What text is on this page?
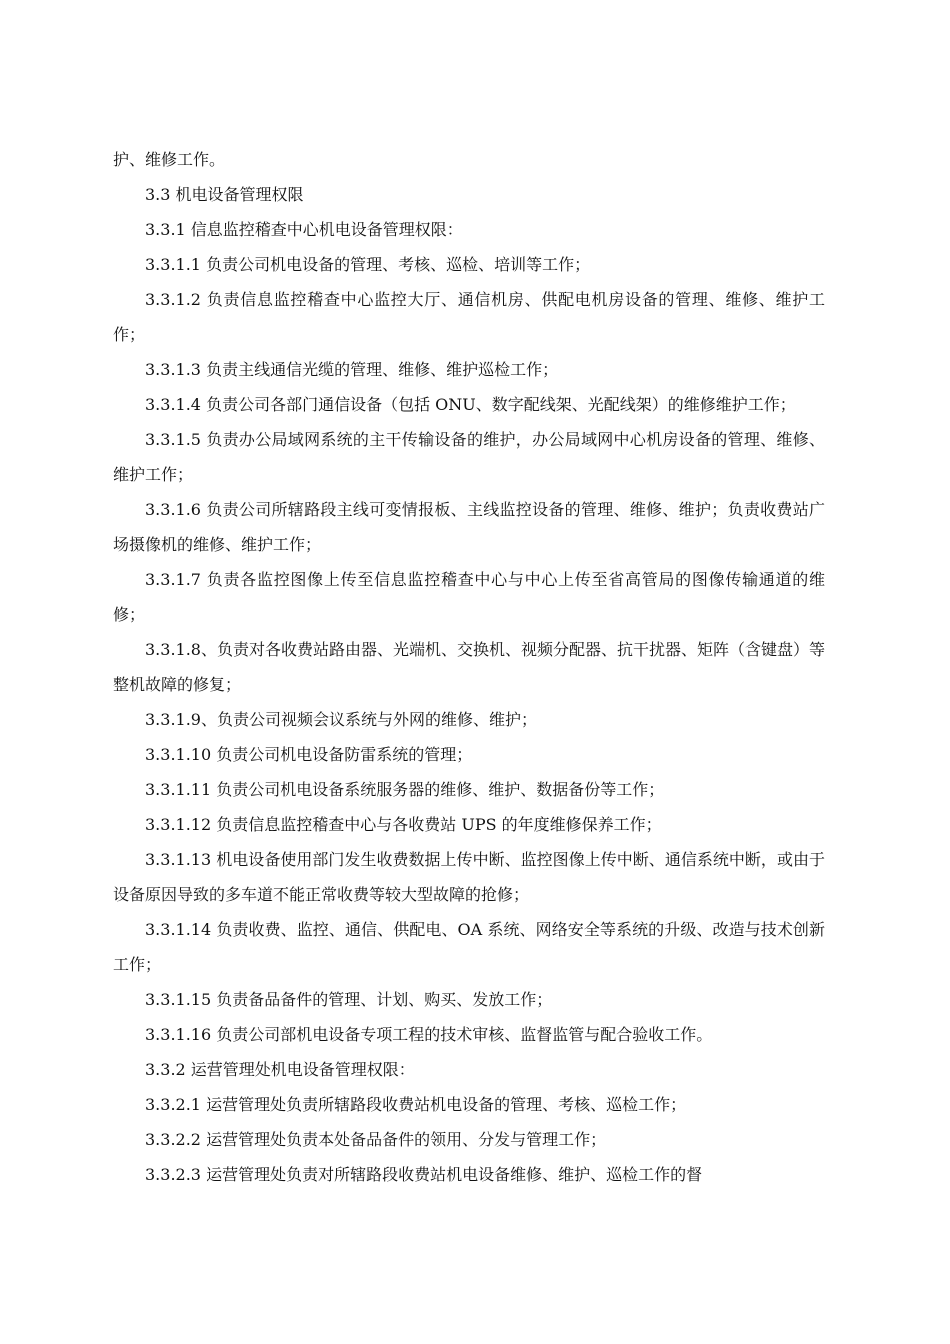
护、维修工作。

3.3 机电设备管理权限

3.3.1 信息监控稽查中心机电设备管理权限：

3.3.1.1 负责公司机电设备的管理、考核、巡检、培训等工作；

3.3.1.2 负责信息监控稽查中心监控大厅、通信机房、供配电机房设备的管理、维修、维护工作；

3.3.1.3 负责主线通信光缆的管理、维修、维护巡检工作；

3.3.1.4 负责公司各部门通信设备（包括 ONU、数字配线架、光配线架）的维修维护工作；

3.3.1.5 负责办公局域网系统的主干传输设备的维护，办公局域网中心机房设备的管理、维修、维护工作；

3.3.1.6 负责公司所辖路段主线可变情报板、主线监控设备的管理、维修、维护；负责收费站广场摄像机的维修、维护工作；

3.3.1.7 负责各监控图像上传至信息监控稽查中心与中心上传至省高管局的图像传输通道的维修；

3.3.1.8、负责对各收费站路由器、光端机、交换机、视频分配器、抗干扰器、矩阵（含键盘）等整机故障的修复；

3.3.1.9、负责公司视频会议系统与外网的维修、维护；

3.3.1.10 负责公司机电设备防雷系统的管理；

3.3.1.11 负责公司机电设备系统服务器的维修、维护、数据备份等工作；

3.3.1.12 负责信息监控稽查中心与各收费站 UPS 的年度维修保养工作；

3.3.1.13 机电设备使用部门发生收费数据上传中断、监控图像上传中断、通信系统中断，或由于设备原因导致的多车道不能正常收费等较大型故障的抢修；

3.3.1.14 负责收费、监控、通信、供配电、OA 系统、网络安全等系统的升级、改造与技术创新工作；

3.3.1.15 负责备品备件的管理、计划、购买、发放工作；

3.3.1.16 负责公司部机电设备专项工程的技术审核、监督监管与配合验收工作。

3.3.2 运营管理处机电设备管理权限：

3.3.2.1 运营管理处负责所辖路段收费站机电设备的管理、考核、巡检工作；

3.3.2.2 运营管理处负责本处备品备件的领用、分发与管理工作；

3.3.2.3 运营管理处负责对所辖路段收费站机电设备维修、维护、巡检工作的督
